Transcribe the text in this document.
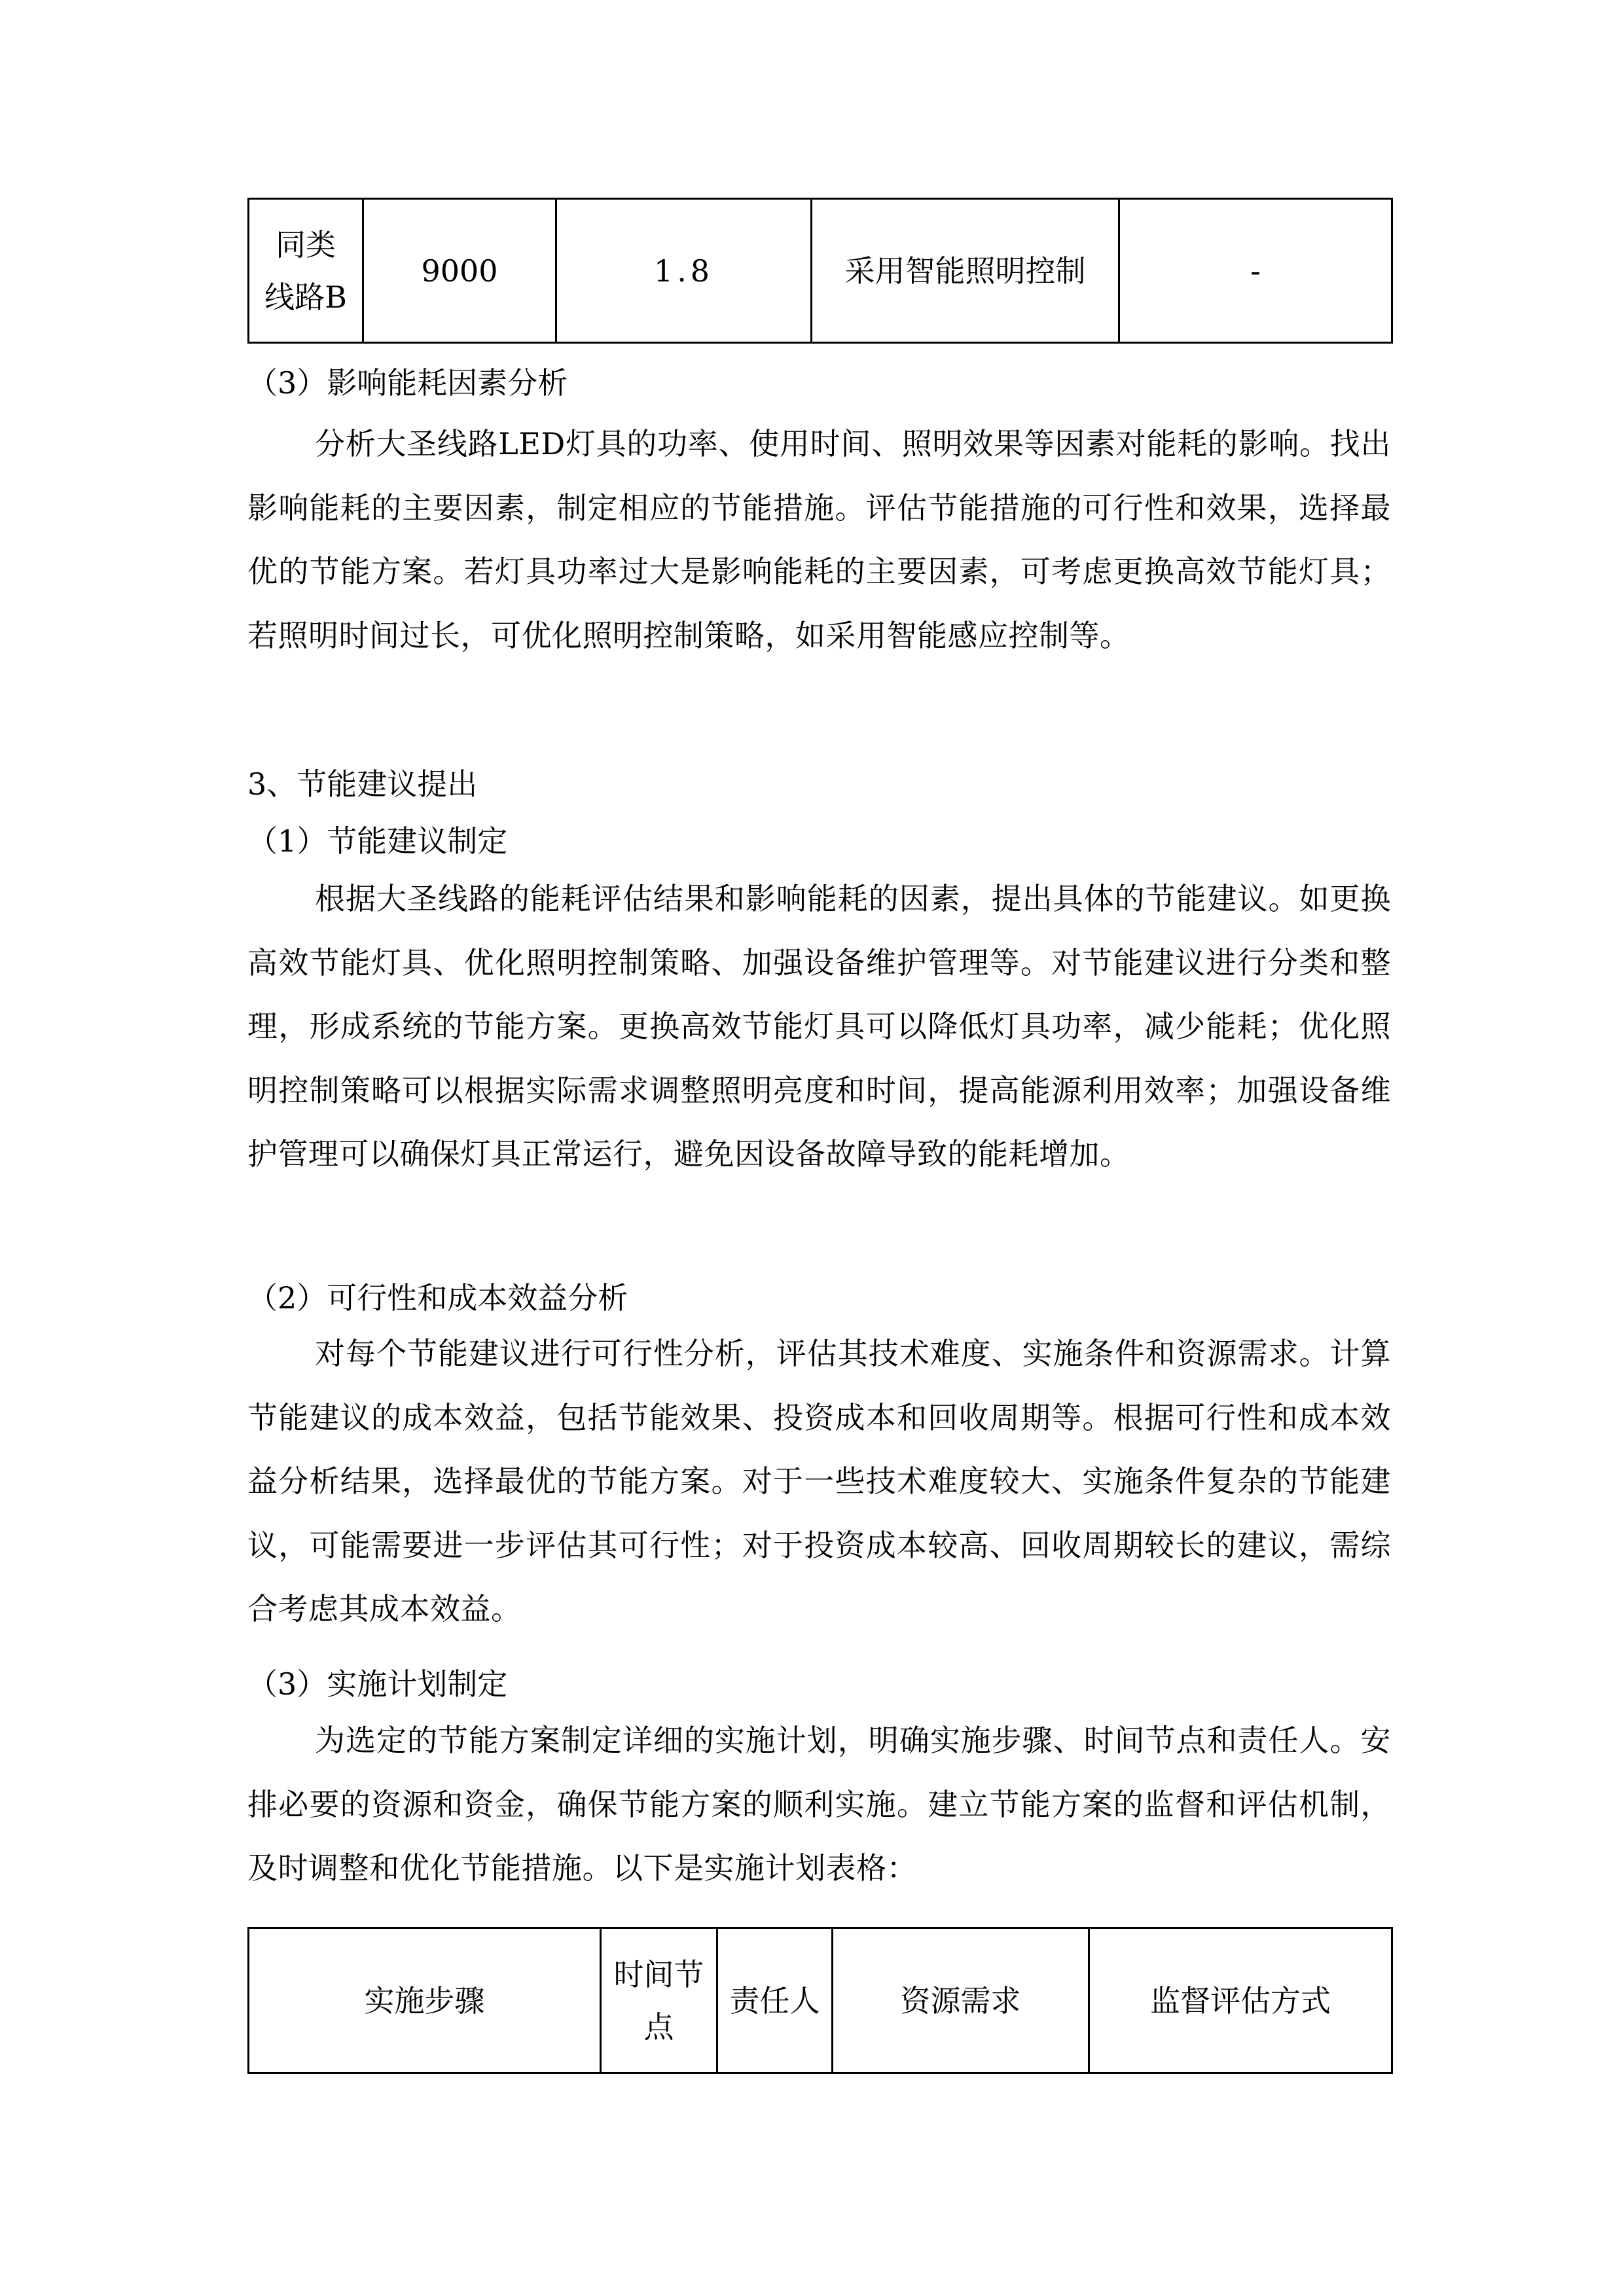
同类线路B	9000	1.8	采用智能照明控制	-
（3）影响能耗因素分析

分析大圣线路LED灯具的功率、使用时间、照明效果等因素对能耗的影响。找出影响能耗的主要因素，制定相应的节能措施。评估节能措施的可行性和效果，选择最优的节能方案。若灯具功率过大是影响能耗的主要因素，可考虑更换高效节能灯具；若照明时间过长，可优化照明控制策略，如采用智能感应控制等。

3、节能建议提出
（1）节能建议制定

根据大圣线路的能耗评估结果和影响能耗的因素，提出具体的节能建议。如更换高效节能灯具、优化照明控制策略、加强设备维护管理等。对节能建议进行分类和整理，形成系统的节能方案。更换高效节能灯具可以降低灯具功率，减少能耗；优化照明控制策略可以根据实际需求调整照明亮度和时间，提高能源利用效率；加强设备维护管理可以确保灯具正常运行，避免因设备故障导致的能耗增加。

（2）可行性和成本效益分析

对每个节能建议进行可行性分析，评估其技术难度、实施条件和资源需求。计算节能建议的成本效益，包括节能效果、投资成本和回收周期等。根据可行性和成本效益分析结果，选择最优的节能方案。对于一些技术难度较大、实施条件复杂的节能建议，可能需要进一步评估其可行性；对于投资成本较高、回收周期较长的建议，需综合考虑其成本效益。

（3）实施计划制定

为选定的节能方案制定详细的实施计划，明确实施步骤、时间节点和责任人。安排必要的资源和资金，确保节能方案的顺利实施。建立节能方案的监督和评估机制，及时调整和优化节能措施。以下是实施计划表格：

实施步骤	时间节点	责任人	资源需求	监督评估方式
